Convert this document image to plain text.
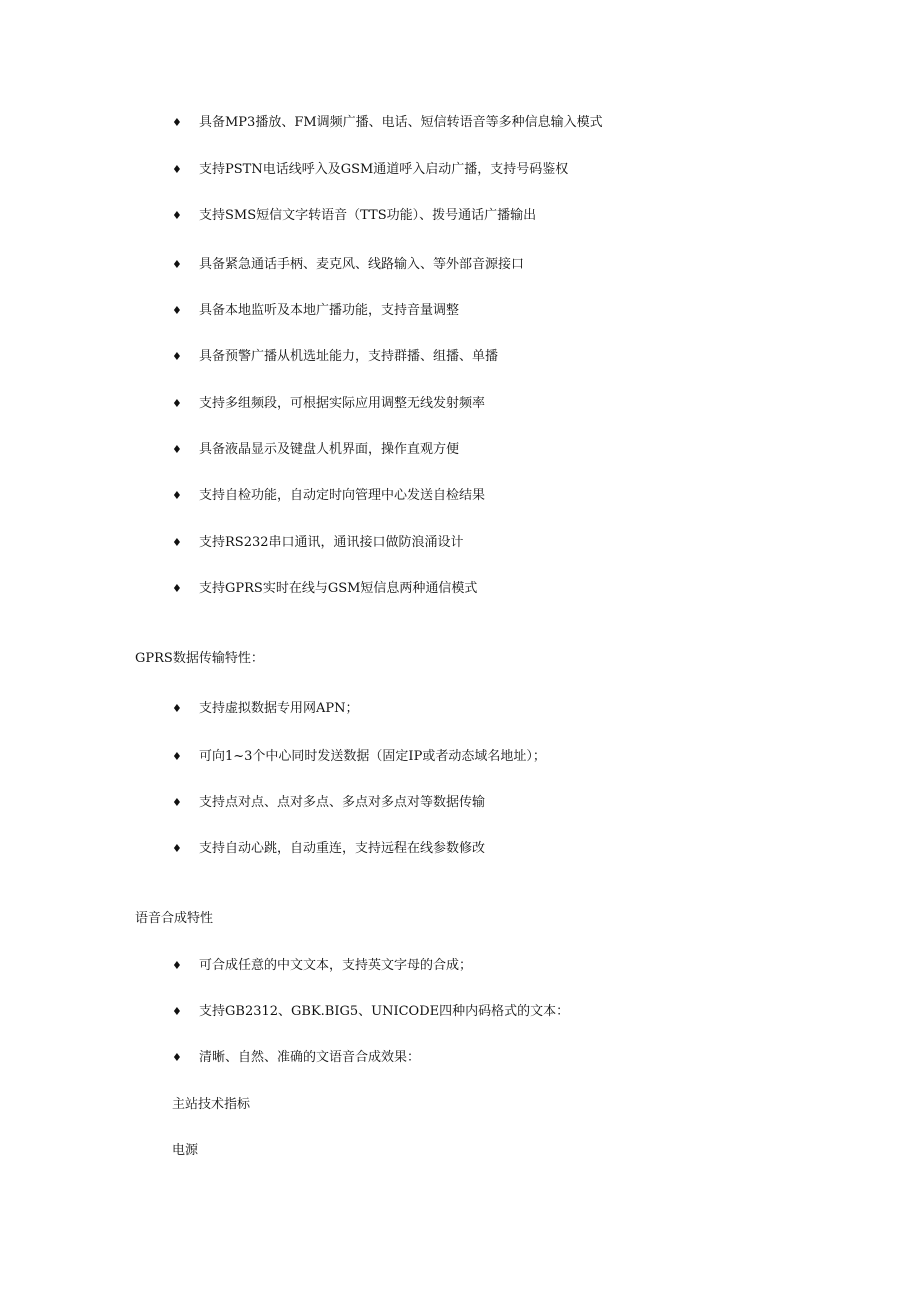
♦ 具备MP3播放、FM调频广播、电话、短信转语音等多种信息输入模式
♦ 支持PSTN电话线呼入及GSM通道呼入启动广播，支持号码鉴权
♦ 支持SMS短信文字转语音（TTS功能）、拨号通话广播输出
♦ 具备紧急通话手柄、麦克风、线路输入、等外部音源接口
♦ 具备本地监听及本地广播功能，支持音量调整
♦ 具备预警广播从机选址能力，支持群播、组播、单播
♦ 支持多组频段，可根据实际应用调整无线发射频率
♦ 具备液晶显示及键盘人机界面，操作直观方便
♦ 支持自检功能，自动定时向管理中心发送自检结果
♦ 支持RS232串口通讯，通讯接口做防浪涌设计
♦ 支持GPRS实时在线与GSM短信息两种通信模式
GPRS数据传输特性：
♦ 支持虚拟数据专用网APN；
♦ 可向1~3个中心同时发送数据（固定IP或者动态域名地址）；
♦ 支持点对点、点对多点、多点对多点对等数据传输
♦ 支持自动心跳，自动重连，支持远程在线参数修改
语音合成特性
♦ 可合成任意的中文文本，支持英文字母的合成；
♦ 支持GB2312、GBK.BIG5、UNICODE四种内码格式的文本：
♦ 清晰、自然、准确的文语音合成效果：
主站技术指标
电源
